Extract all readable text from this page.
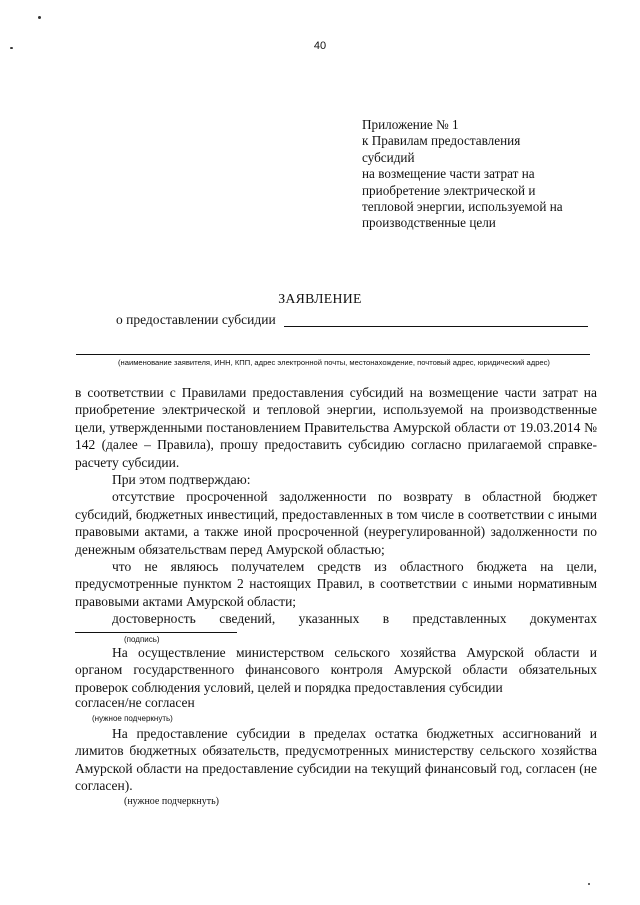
40
Приложение № 1
к Правилам предоставления
субсидий
на возмещение части затрат на
приобретение электрической и
тепловой энергии, используемой на
производственные цели
ЗАЯВЛЕНИЕ
о предоставлении субсидии
(наименование заявителя, ИНН, КПП, адрес электронной почты, местонахождение, почтовый адрес, юридический адрес)
в соответствии с Правилами предоставления субсидий на возмещение части затрат на приобретение электрической и тепловой энергии, используемой на производственные цели, утвержденными постановлением Правительства Амурской области от 19.03.2014 № 142 (далее – Правила), прошу предоставить субсидию согласно прилагаемой справке-расчету субсидии.
При этом подтверждаю:
отсутствие просроченной задолженности по возврату в областной бюджет субсидий, бюджетных инвестиций, предоставленных в том числе в соответствии с иными правовыми актами, а также иной просроченной (неурегулированной) задолженности по денежным обязательствам перед Амурской областью;
что не являюсь получателем средств из областного бюджета на цели, предусмотренные пунктом 2 настоящих Правил, в соответствии с иными нормативным правовыми актами Амурской области;
достоверность сведений, указанных в представленных документах
(подпись)
На осуществление министерством сельского хозяйства Амурской области и органом государственного финансового контроля Амурской области обязательных проверок соблюдения условий, целей и порядка предоставления субсидии
согласен/не согласен
(нужное подчеркнуть)
На предоставление субсидии в пределах остатка бюджетных ассигнований и лимитов бюджетных обязательств, предусмотренных министерству сельского хозяйства Амурской области на предоставление субсидии на текущий финансовый год, согласен (не согласен).
(нужное подчеркнуть)
